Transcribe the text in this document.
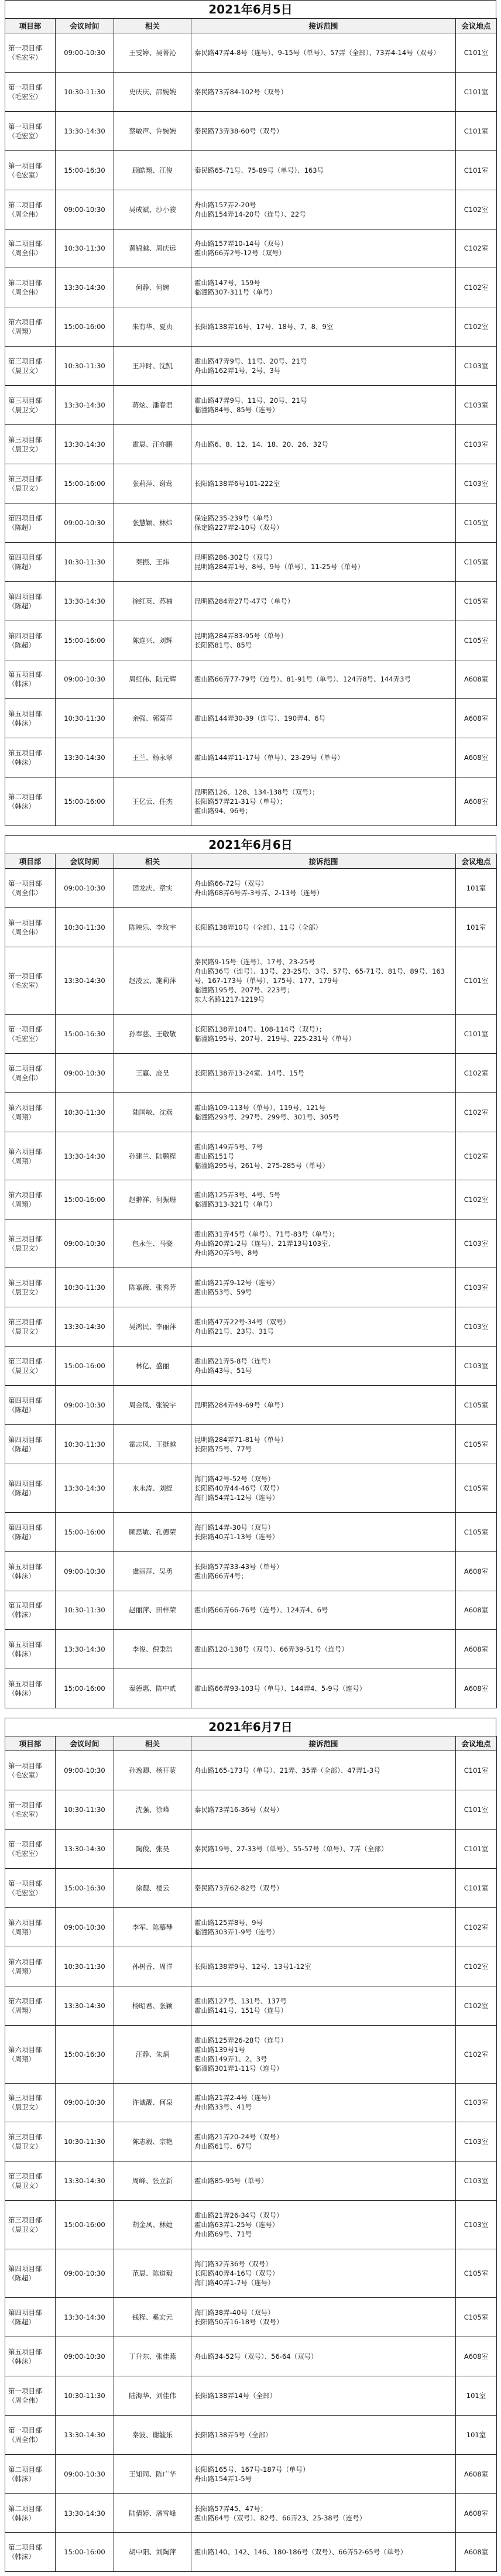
2021年6月5日
项目部	会议时间	相关	接诉范围	会议地点
第一项目部（毛宏室）	09:00-10:30	王雯婷、吴菁沁	秦民路47弄4-8号（连号）、9-15号（单号）、57弄（全部）、73弄4-14号（双号）	C101室
第一项目部（毛宏室）	10:30-11:30	史庆庆、邵婉婉	秦民路73弄84-102号（双号）	C101室
第一项目部（毛宏室）	13:30-14:30	蔡敏声、许婉婉	秦民路73弄38-60号（双号）	C101室
第一项目部（毛宏室）	15:00-16:30	顾皓翔、江俊	秦民路65-71号、75-89号（单号）、163号	C101室
第二项目部（周全伟）	09:00-10:30	吴成斌、沙小骏	舟山路157弄2-20号
舟山路154弄14-20号（连号）、22号	C102室
第二项目部（周全伟）	10:30-11:30	黄锦越、周庆远	舟山路157弄10-14号（双号）
霍山路66弄2号-12号（双号）	C102室
第二项目部（周全伟）	13:30-14:30	何静、何婉	霍山路147号、159号
临潼路307-311号（单号）	C102室
第六项目部（周翔）	15:00-16:00	朱有华、夏贞	长阳路138弄16号、17号、18号、7、8、9室	C102室
第三项目部（晨卫文）	10:30-11:30	王冲时、沈凯	霍山路47弄9号、11号、20号、21号
舟山路162弄1号、2号、3号	C103室
第三项目部（晨卫文）	13:30-14:30	蒋炫、潘春君	霍山路47弄9号、11号、20号、21号
临潼路84号、85号（连号）	C103室
第三项目部（晨卫文）	13:30-14:30	霍晨、汪亦鹏	舟山路6、8、12、14、18、20、26、32号	C103室
第三项目部（晨卫文）	15:00-16:00	张莉萍、谢莺	长阳路138弄6号101-222室	C103室
第四项目部（陈超）	09:00-10:30	张慧颖、林炜	保定路235-239号（单号）
保定路227弄2-10号（双号）	C105室
第四项目部（陈超）	10:30-11:30	秦振、王炜	昆明路286-302号（双号）
昆明路284弄1号、8号、9号（单号）、11-25号（单号）	C105室
第四项目部（陈超）	13:30-14:30	徐红英、苏楠	昆明路284弄27号-47号（单号）	C105室
第四项目部（陈超）	15:00-16:00	陈连兴、刘辉	昆明路284弄83-95号（单号）
长阳路81号、85号	C105室
第五项目部（韩沫）	09:00-10:30	周红伟、陆元辉	霍山路66弄77-79号（连号）、81-91号（单号）、124弄8号、144弄3号	A608室
第五项目部（韩沫）	10:30-11:30	余强、郭菊萍	霍山路144弄30-39（连号）、190弄4、6号	A608室
第五项目部（韩沫）	13:30-14:30	王兰、杨永翠	霍山路144弄11-17号（单号）、23-29号（单号）	A608室
第二项目部（韩沫）	15:00-16:00	王亿云、任杰	昆明路126、128、134-138号（双号）；
长阳路57弄21-31号（单号）；
霍山路94、96号；	A608室
2021年6月6日
项目部	会议时间	相关	接诉范围	会议地点
第一项目部（周全伟）	09:00-10:30	团龙庆、章实	舟山路66-72号（双号）
舟山路68弄6号弄-3号弄、2-13号（连号）	101室
第一项目部（周全伟）	10:30-11:30	陈映乐、李玫宇	长阳路138弄10号（全部）、11号（全部）	101室
第一项目部（毛宏室）	13:30-14:30	赵凌云、施莉萍	秦民路9-15号（连号）、17号、23-25号
舟山路36号（连号）、13号、23-25号、3号、57号、65-71号、81号、89号、163号、167-173号（单号）、175号、177、179号
临潼路195号、207号、223号；
东大名路1217-1219号	C101室
第一项目部（毛宏室）	15:00-16:30	孙奉慈、王敬敬	长阳路138弄104号、108-114号（双号）；
临潼路195号、207号、219号、225-231号（单号）	C101室
第二项目部（周全伟）	09:00-10:30	王赢、庞昊	长阳路138弄13-24室、14号、15号	C102室
第六项目部（周翔）	10:30-11:30	陆国敏、沈燕	霍山路109-113号（单号）、119号、121号
临潼路293号、297号、299号、301号、305号	C102室
第六项目部（周翔）	13:30-14:30	孙建兰、陆鹏程	霍山路149弄5号、7号
霍山路151号
临潼路295号、261号、275-285号（单号）	C102室
第六项目部（周翔）	15:00-16:00	赵翀祥、何振珊	霍山路125弄3号、4号、5号
临潼路313-321号（单号）	C102室
第三项目部（晨卫文）	09:00-10:30	包永生、马骁	霍山路31弄45号（单号）、71号-83号（单号）；
舟山路20弄1-2号（连号）、21弄13号103室、
舟山路20弄5号、8号	C103室
第三项目部（晨卫文）	10:30-11:30	陈嘉薇、张秀芳	霍山路21弄9-12号（连号）
霍山路53号、59号	C103室
第三项目部（晨卫文）	13:30-14:30	吴鸿民、李丽萍	霍山路47弄22号-34号（双号）
舟山路21号、23号、31号	C103室
第三项目部（晨卫文）	15:00-16:00	林亿、盛丽	霍山路21弄5-8号（连号）
舟山路43号、51号	C103室
第四项目部（陈超）	09:00-10:30	周金凤、张锐宇	昆明路284弄49-69号（单号）	C105室
第四项目部（陈超）	10:30-11:30	霍志风、王挺越	昆明路284弄71-81号（单号）
长阳路75号、77号	C105室
第四项目部（陈超）	13:30-14:30	水永涛、刘缇	海门路42号-52号（双号）
长阳路40弄44-46号（双号）
海门路54弄1-12号（连号）	C105室
第四项目部（陈超）	15:00-16:00	顾思敏、孔德荣	海门路14弄-30号（双号）
长阳路40弄1-13号（连号）	C105室
第五项目部（韩沫）	09:00-10:30	虞丽萍、吴勇	长阳路57弄33-43号（单号）
霍山路66弄4号；	A608室
第五项目部（韩沫）	10:30-11:30	赵丽萍、田梓荣	霍山路66弄66-76号（连号）、124弄4、6号	A608室
第五项目部（韩沫）	13:30-14:30	李俊、倪秉浩	霍山路120-138号（双号）、66弄39-51号（连号）	A608室
第五项目部（韩沫）	15:00-16:00	秦德惠、陈中贰	霍山路66弄93-103号（单号）、144弄4、5-9号（连号）	A608室
2021年6月7日
项目部	会议时间	相关	接诉范围	会议地点
第一项目部（毛宏室）	09:00-10:30	孙逸卿、杨开蒙	舟山路165-173号（单号）、21弄、35弄（全部）、47弄1-3号	C101室
第一项目部（毛宏室）	10:30-11:30	沈强、徐峰	秦民路73弄16-36号（双号）	C101室
第一项目部（毛宏室）	13:30-14:30	陶俊、张昊	秦民路19号、27-33号（单号）、55-57号（单号）、7弄（全部）	C101室
第一项目部（毛宏室）	15:00-16:30	徐靓、楼云	秦民路73弄62-82号（双号）	C101室
第六项目部（周翔）	09:00-10:30	李军、陈慕琴	霍山路125弄8号、9号
临潼路303弄1-9号（连号）	C102室
第六项目部（周翔）	10:30-11:30	孙树香、周洋	长阳路138弄9号、12号、13号1-12室	C102室
第六项目部（周翔）	13:30-14:30	杨昭君、张颖	霍山路127号、131号、137号
霍山路141号、151号（连号）	C102室
第六项目部（周翔）	15:00-16:30	汪静、朱炳	霍山路125弄26-28号（连号）
霍山路139号1号
霍山路149弄1、2、3号
临潼路301弄1-11号（连号）	C102室
第三项目部（晨卫文）	09:00-10:30	许诚靓、何泉	霍山路21弄2-4号（连号）
舟山路33号、41号	C103室
第三项目部（晨卫文）	10:30-11:30	陈志毅、宗艳	霍山路21弄20-24号（双号）
舟山路61号、67号	C103室
第三项目部（晨卫文）	13:30-14:30	周峰、张立新	霍山路85-95号（单号）	C103室
第三项目部（晨卫文）	15:00-16:00	胡金凤、林婕	霍山路21弄26-34号（双号）
霍山路63弄1-25号（连号）
舟山路69号、71号	C103室
第四项目部（陈超）	09:00-10:30	范晨、陈道毅	海门路32弄36号（双号）
长阳路40弄4-16号（双号）
海门路40弄1-7号（连号）	C105室
第四项目部（陈超）	13:30-14:30	钱程、奚宏元	海门路38弄-40号（双号）
长阳路50弄16-18号（双号）	C105室
第五项目部（韩沫）	09:00-10:30	丁升东、张佳燕	舟山路34-52号（双号）、56-64（双号）	A608室
第一项目部（周全伟）	10:30-11:30	陆海华、刘佳伟	长阳路138弄14号（全部）	101室
第一项目部（周全伟）	13:30-14:30	秦波、谢毓乐	长阳路138弄5号（全部）	101室
第二项目部（韩沫）	09:00-10:30	王知同、陈广华	长阳路165号、167号-187号（单号）
舟山路154弄1-5号	A608室
第二项目部（韩沫）	13:30-14:30	陆倩婷、潘雪峰	长阳路57弄45、47号；
霍山路64号（双号）、82号、66弄23、25-38号（连号）	A608室
第二项目部（韩沫）	15:00-16:00	胡中阳、刘陶萍	霍山路140、142、146、180-186号（双号）、66弄52-65号（单号）	A608室
